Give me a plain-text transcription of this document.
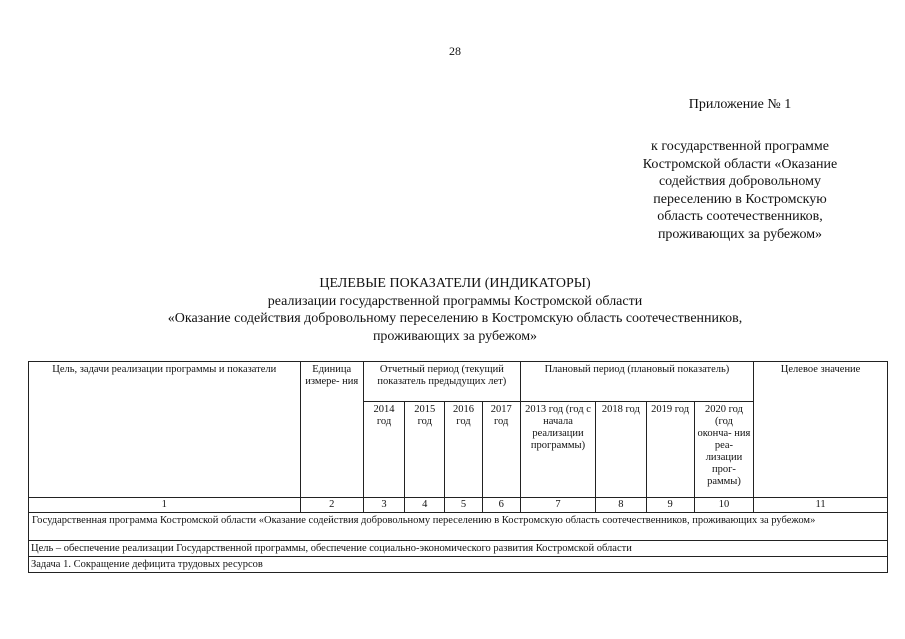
28
Приложение № 1
к государственной программе
Костромской области «Оказание
содействия добровольному
переселению в Костромскую
область соотечественников,
проживающих за рубежом»
ЦЕЛЕВЫЕ ПОКАЗАТЕЛИ (ИНДИКАТОРЫ)
реализации государственной программы Костромской области
«Оказание содействия добровольному переселению в Костромскую область соотечественников,
проживающих за рубежом»
Цель, задачи реализации программы и показатели	Единица измере- ния	Отчетный период (текущий показатель предыдущих лет)				Плановый период (плановый показатель)				Целевое значение
		2014 год	2015 год	2016 год	2017 год	2013 год (год с начала реализации программы)	2018 год	2019 год	2020 год (год оконча- ния реа- лизации прог- раммы)	
1	2	3	4	5	6	7	8	9	10	11
Государственная программа Костромской области «Оказание содействия добровольному переселению в Костромскую область соотечественников, проживающих за рубежом»										
Цель – обеспечение реализации Государственной программы, обеспечение социально-экономического развития Костромской области										
Задача 1. Сокращение дефицита трудовых ресурсов										
